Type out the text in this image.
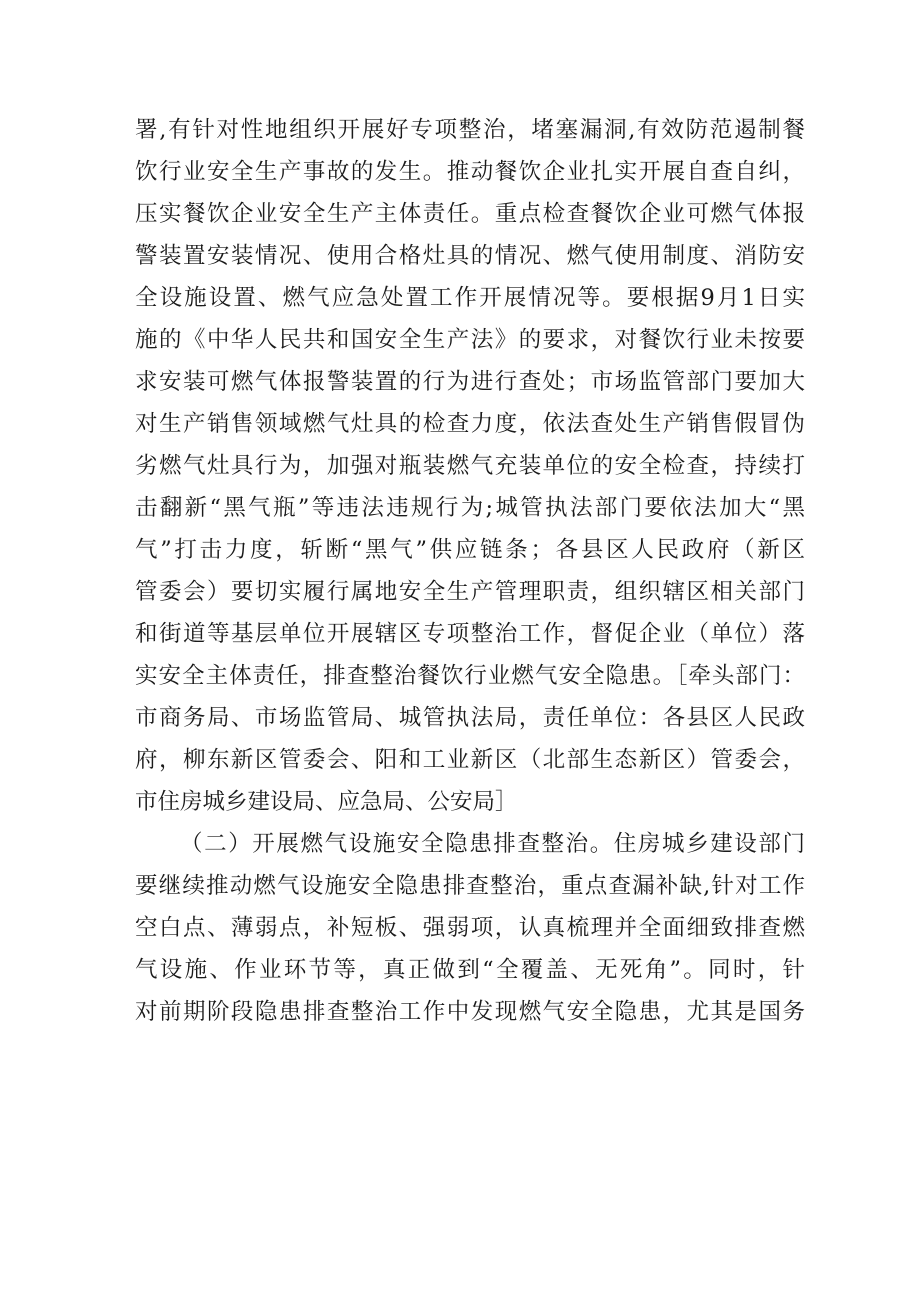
署,有针对性地组织开展好专项整治，堵塞漏洞,有效防范遏制餐
饮行业安全生产事故的发生。推动餐饮企业扎实开展自查自纠，
压实餐饮企业安全生产主体责任。重点检查餐饮企业可燃气体报
警装置安装情况、使用合格灶具的情况、燃气使用制度、消防安
全设施设置、燃气应急处置工作开展情况等。要根据9月1日实
施的《中华人民共和国安全生产法》的要求，对餐饮行业未按要
求安装可燃气体报警装置的行为进行查处；市场监管部门要加大
对生产销售领域燃气灶具的检查力度，依法查处生产销售假冒伪
劣燃气灶具行为，加强对瓶装燃气充装单位的安全检查，持续打
击翻新“黑气瓶”等违法违规行为;城管执法部门要依法加大“黑
气”打击力度，斩断“黑气”供应链条；各县区人民政府（新区
管委会）要切实履行属地安全生产管理职责，组织辖区相关部门
和街道等基层单位开展辖区专项整治工作，督促企业（单位）落
实安全主体责任，排查整治餐饮行业燃气安全隐患。［牵头部门：
市商务局、市场监管局、城管执法局，责任单位：各县区人民政
府，柳东新区管委会、阳和工业新区（北部生态新区）管委会，
市住房城乡建设局、应急局、公安局］
（二）开展燃气设施安全隐患排查整治。住房城乡建设部门
要继续推动燃气设施安全隐患排查整治，重点查漏补缺,针对工作
空白点、薄弱点，补短板、强弱项，认真梳理并全面细致排查燃
气设施、作业环节等，真正做到“全覆盖、无死角”。同时，针
对前期阶段隐患排查整治工作中发现燃气安全隐患，尤其是国务
